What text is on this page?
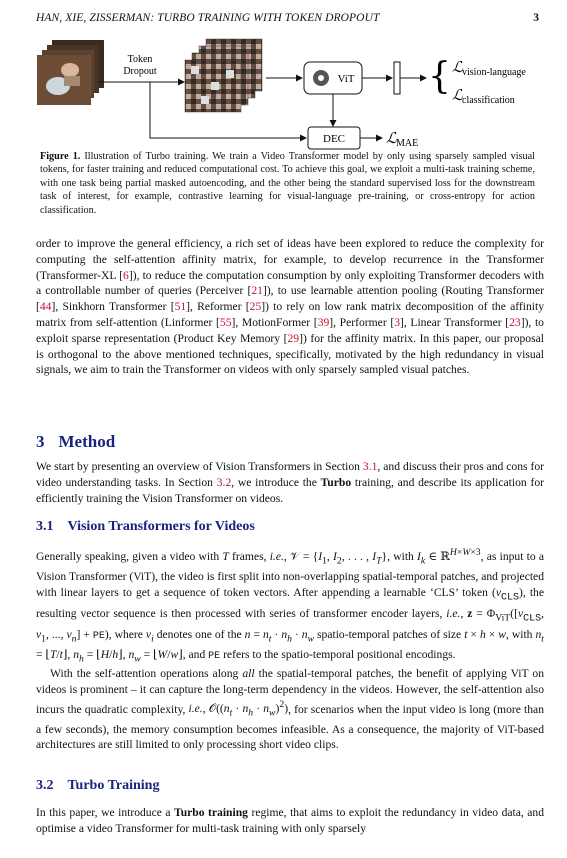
HAN, XIE, ZISSERMAN: TURBO TRAINING WITH TOKEN DROPOUT	3
Token
Dropout
ViT { ℒ vision-language
ℒ classification
DEC	ℒ MAE
Figure 1. Illustration of Turbo training. We train a Video Transformer model by only using sparsely sampled visual tokens, for faster training and reduced computational cost. To achieve this goal, we exploit a multi-task training scheme, with one task being partial masked autoencoding, and the other being the standard supervised loss for the downstream task of interest, for example, contrastive learning for visual-language pre-training, or cross-entropy for action classification.

order to improve the general efficiency, a rich set of ideas have been explored to reduce the complexity for computing the self-attention affinity matrix, for example, to develop recurrence in the Transformer (Transformer-XL [6]), to reduce the computation consumption by only exploiting Transformer decoders with a controllable number of queries (Perceiver [21]), to use learnable attention pooling (Routing Transformer [44], Sinkhorn Transformer [51], Reformer [25]) to rely on low rank matrix decomposition of the affinity matrix from self-attention (Linformer [55], MotionFormer [39], Performer [3], Linear Transformer [23]), to exploit sparse representation (Product Key Memory [29]) for the affinity matrix. In this paper, our proposal is orthogonal to the above mentioned techniques, specifically, motivated by the high redundancy in visual signals, we aim to train the Transformer on videos with only sparsely sampled visual patches.

3 Method

We start by presenting an overview of Vision Transformers in Section 3.1, and discuss their pros and cons for video understanding tasks. In Section 3.2, we introduce the Turbo training, and describe its application for efficiently training the Vision Transformer on videos.

3.1 Vision Transformers for Videos

Generally speaking, given a video with T frames, i.e., 𝒱 = {$I_1$, $I_2$, . . . , $I_T$}, with $I_k$ ∈ ℝ$^{H\times W\times 3}$, as input to a Vision Transformer (ViT), the video is first split into non-overlapping spatial-temporal patches, and projected with linear layers to get a sequence of token vectors. After appending a learnable ‘CLS’ token $(v_{CLS})$, the resulting vector sequence is then processed with series of transformer encoder layers, i.e., $z = \Phi_{ViT}([v_{CLS}$, $v_1$, ..., $v_n] + PE$), where $v_i$ denotes one of the $n = n_t \cdot n_h \cdot n_w$ spatio-temporal patches of size t × h × w, with $n_t$ = ⌊T/t⌋, $n_h$ = ⌊H/h⌋, $n_w$ = ⌊W/w⌋, and PE refers to the spatio-temporal positional encodings.

With the self-attention operations along all the spatial-temporal patches, the benefit of applying ViT on videos is prominent – it can capture the long-term dependency in the videos. However, the self-attention also incurs the quadratic complexity, i.e., $𝒪((n_t \cdot n_h \cdot n_w)^2)$, for scenarios when the input video is long (more than a few seconds), the memory consumption becomes infeasible. As a consequence, the majority of ViT-based architectures are still limited to only processing short video clips.

3.2 Turbo Training

In this paper, we introduce a Turbo training regime, that aims to exploit the redundancy in video data, and optimise a video Transformer for multi-task training with only sparsely
